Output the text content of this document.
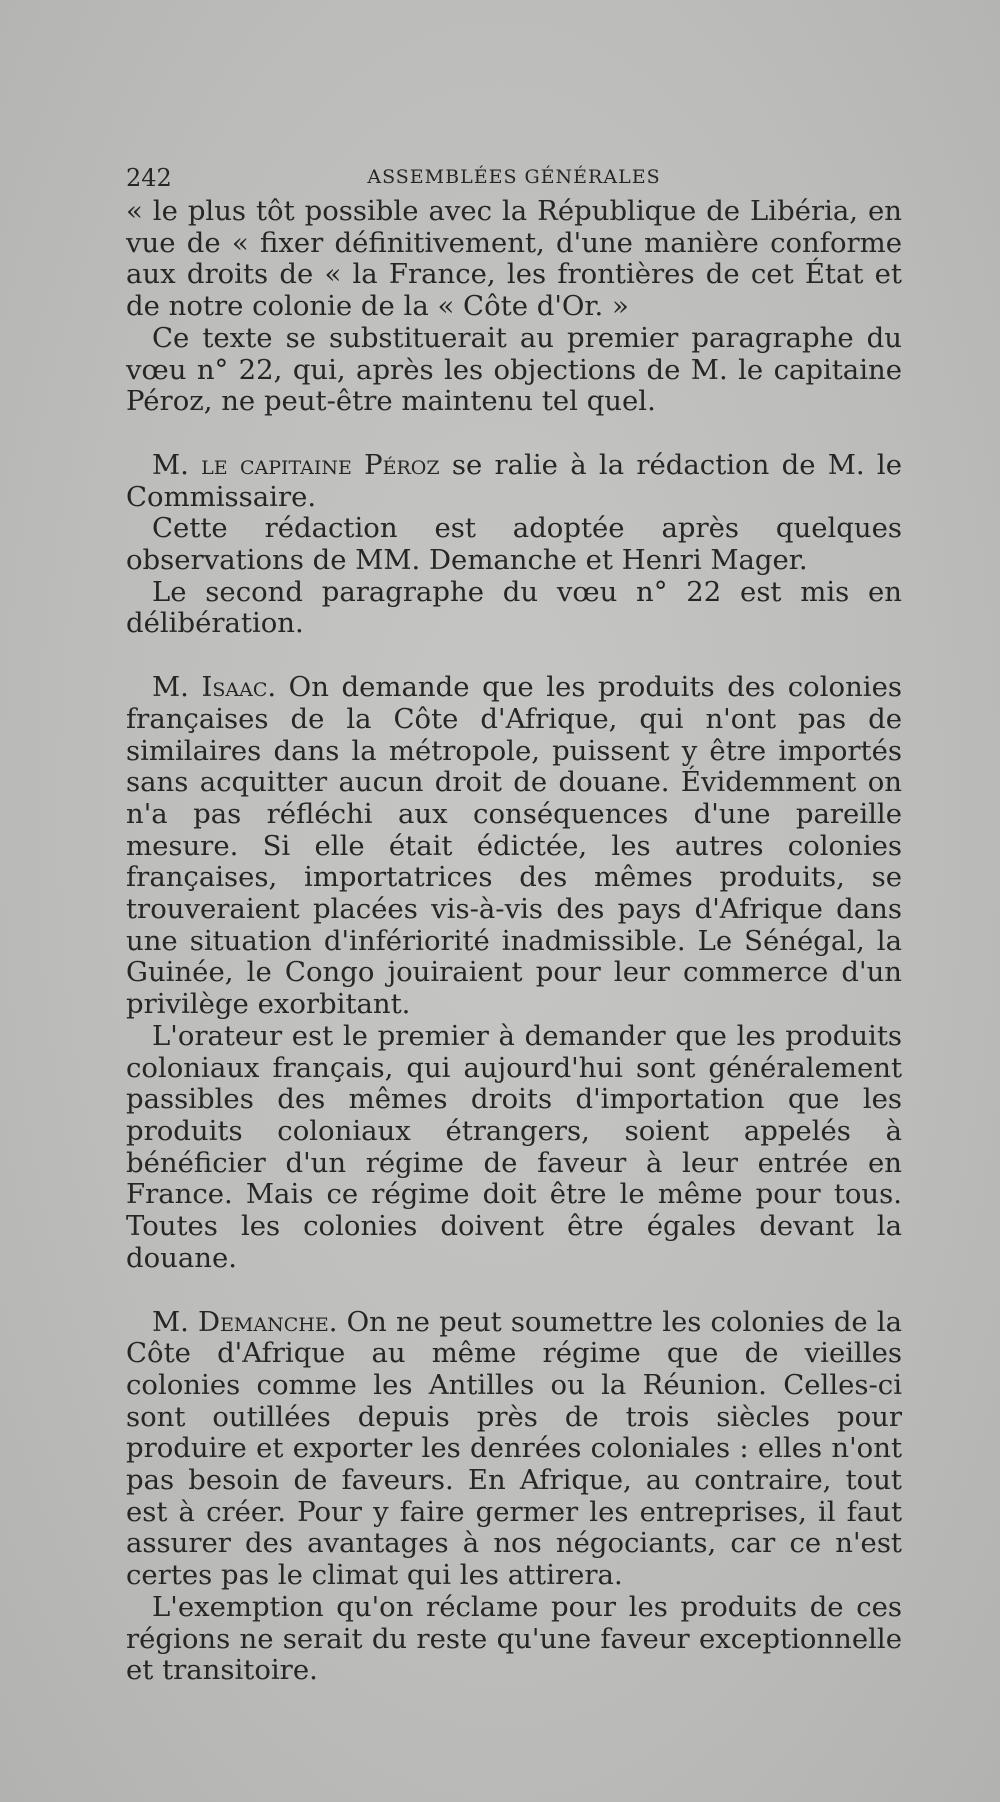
242	ASSEMBLÉES GÉNÉRALES

« le plus tôt possible avec la République de Libéria, en vue de « fixer définitivement, d'une manière conforme aux droits de « la France, les frontières de cet État et de notre colonie de la « Côte d'Or. »

Ce texte se substituerait au premier paragraphe du vœu n° 22, qui, après les objections de M. le capitaine Péroz, ne peut-être maintenu tel quel.

M. le capitaine Péroz se ralie à la rédaction de M. le Commissaire.

Cette rédaction est adoptée après quelques observations de MM. Demanche et Henri Mager.

Le second paragraphe du vœu n° 22 est mis en délibération.

M. Isaac. On demande que les produits des colonies françaises de la Côte d'Afrique, qui n'ont pas de similaires dans la métropole, puissent y être importés sans acquitter aucun droit de douane. Évidemment on n'a pas réfléchi aux conséquences d'une pareille mesure. Si elle était édictée, les autres colonies françaises, importatrices des mêmes produits, se trouveraient placées vis-à-vis des pays d'Afrique dans une situation d'infériorité inadmissible. Le Sénégal, la Guinée, le Congo jouiraient pour leur commerce d'un privilège exorbitant.

L'orateur est le premier à demander que les produits coloniaux français, qui aujourd'hui sont généralement passibles des mêmes droits d'importation que les produits coloniaux étrangers, soient appelés à bénéficier d'un régime de faveur à leur entrée en France. Mais ce régime doit être le même pour tous. Toutes les colonies doivent être égales devant la douane.

M. Demanche. On ne peut soumettre les colonies de la Côte d'Afrique au même régime que de vieilles colonies comme les Antilles ou la Réunion. Celles-ci sont outillées depuis près de trois siècles pour produire et exporter les denrées coloniales : elles n'ont pas besoin de faveurs. En Afrique, au contraire, tout est à créer. Pour y faire germer les entreprises, il faut assurer des avantages à nos négociants, car ce n'est certes pas le climat qui les attirera.

L'exemption qu'on réclame pour les produits de ces régions ne serait du reste qu'une faveur exceptionnelle et transitoire.
